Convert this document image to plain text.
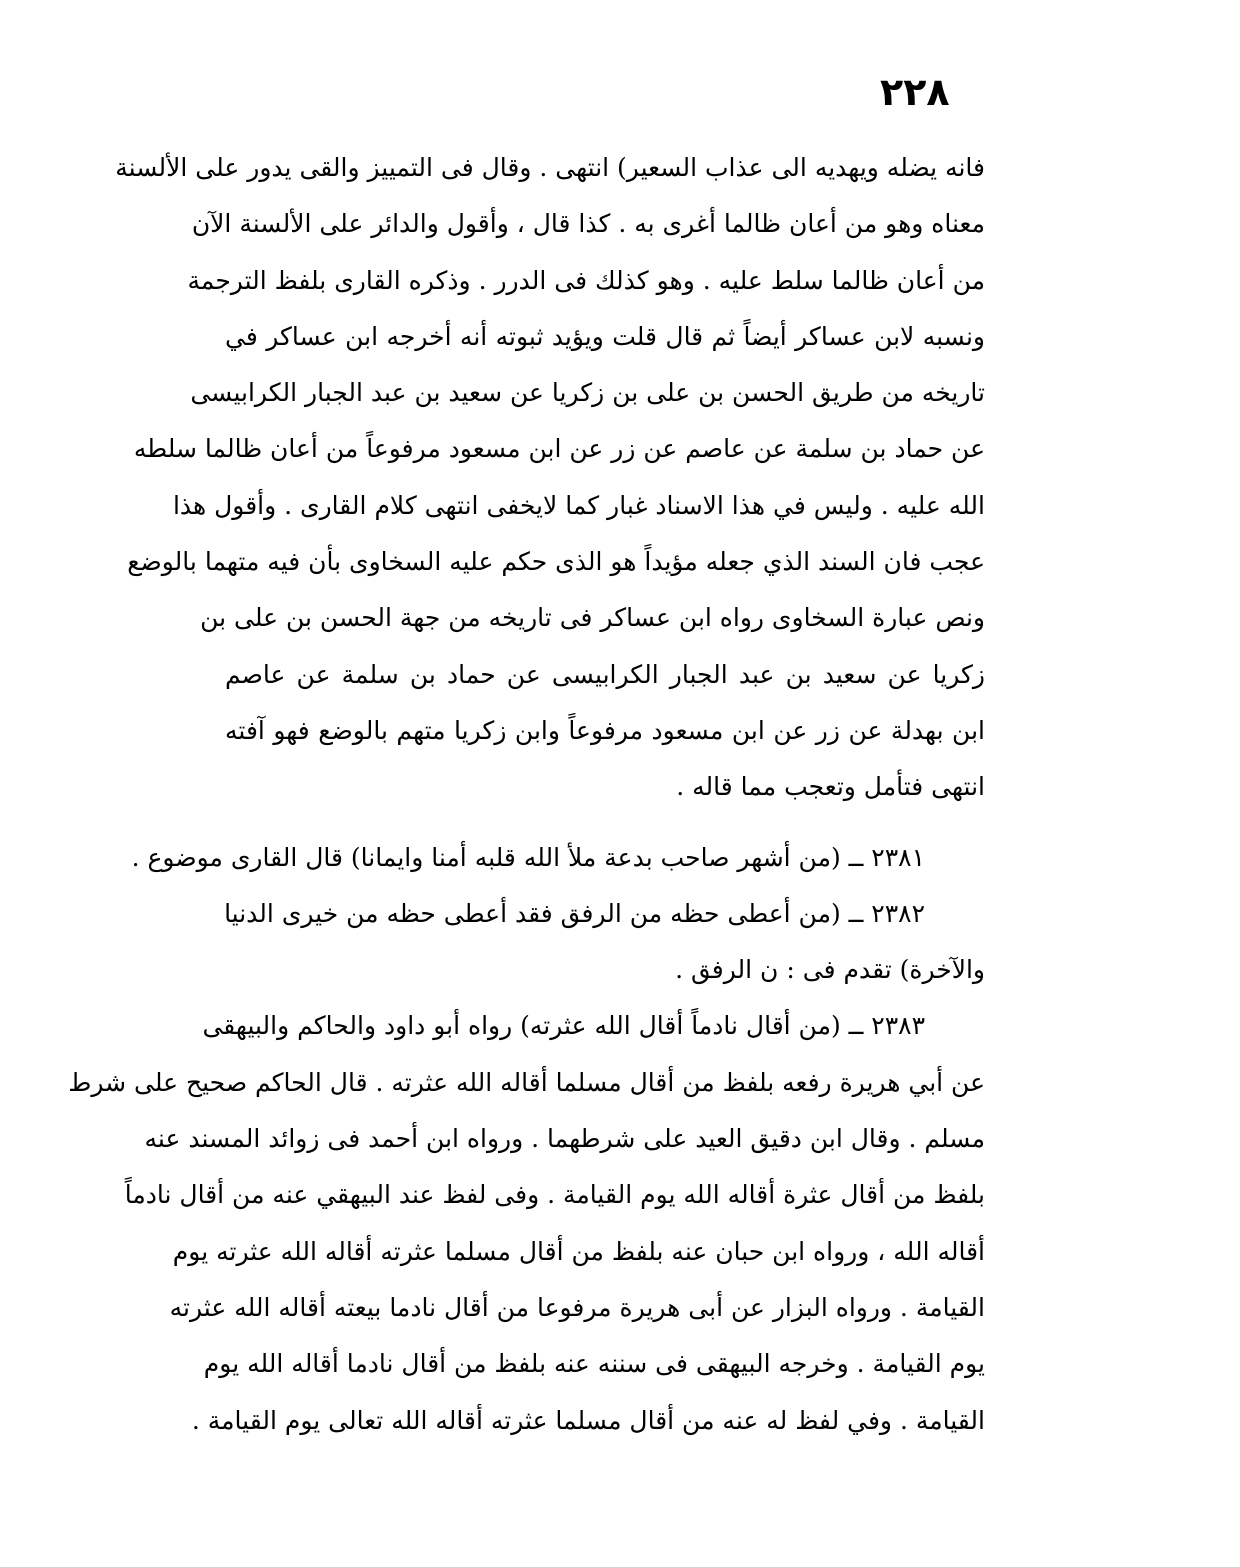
٢٢٨
فانه يضله ويهديه الى عذاب السعير) انتهى . وقال فى التمييز والقى يدور على الألسنة
معناه وهو من أعان ظالما أغرى به . كذا قال ، وأقول والدائر على الألسنة الآن
من أعان ظالما سلط عليه . وهو كذلك فى الدرر . وذكره القارى بلفظ الترجمة
ونسبه لابن عساكر أيضاً ثم قال قلت ويؤيد ثبوته أنه أخرجه ابن عساكر في
تاريخه من طريق الحسن بن على بن زكريا عن سعيد بن عبد الجبار الكرابيسى
عن حماد بن سلمة عن عاصم عن زر عن ابن مسعود مرفوعاً من أعان ظالما سلطه
الله عليه . وليس في هذا الاسناد غبار كما لايخفى انتهى كلام القارى . وأقول هذا
عجب فان السند الذي جعله مؤيداً هو الذى حكم عليه السخاوى بأن فيه متهما بالوضع
ونص عبارة السخاوى رواه ابن عساكر فى تاريخه من جهة الحسن بن على بن
زكريا عن سعيد بن عبد الجبار الكرابيسى عن حماد بن سلمة عن عاصم
ابن بهدلة عن زر عن ابن مسعود مرفوعاً وابن زكريا متهم بالوضع فهو آفته
انتهى فتأمل وتعجب مما قاله .
٢٣٨١ ــ (من أشهر صاحب بدعة ملأ الله قلبه أمنا وايمانا) قال القارى موضوع .
٢٣٨٢ ــ (من أعطى حظه من الرفق فقد أعطى حظه من خيرى الدنيا
والآخرة) تقدم فى : ن الرفق .
٢٣٨٣ ــ (من أقال نادماً أقال الله عثرته) رواه أبو داود والحاكم والبيهقى
عن أبي هريرة رفعه بلفظ من أقال مسلما أقاله الله عثرته . قال الحاكم صحيح على شرط
مسلم . وقال ابن دقيق العيد على شرطهما . ورواه ابن أحمد فى زوائد المسند عنه
بلفظ من أقال عثرة أقاله الله يوم القيامة . وفى لفظ عند البيهقي عنه من أقال نادماً
أقاله الله ، ورواه ابن حبان عنه بلفظ من أقال مسلما عثرته أقاله الله عثرته يوم
القيامة . ورواه البزار عن أبى هريرة مرفوعا من أقال نادما بيعته أقاله الله عثرته
يوم القيامة . وخرجه البيهقى فى سننه عنه بلفظ من أقال نادما أقاله الله يوم
القيامة . وفي لفظ له عنه من أقال مسلما عثرته أقاله الله تعالى يوم القيامة .
